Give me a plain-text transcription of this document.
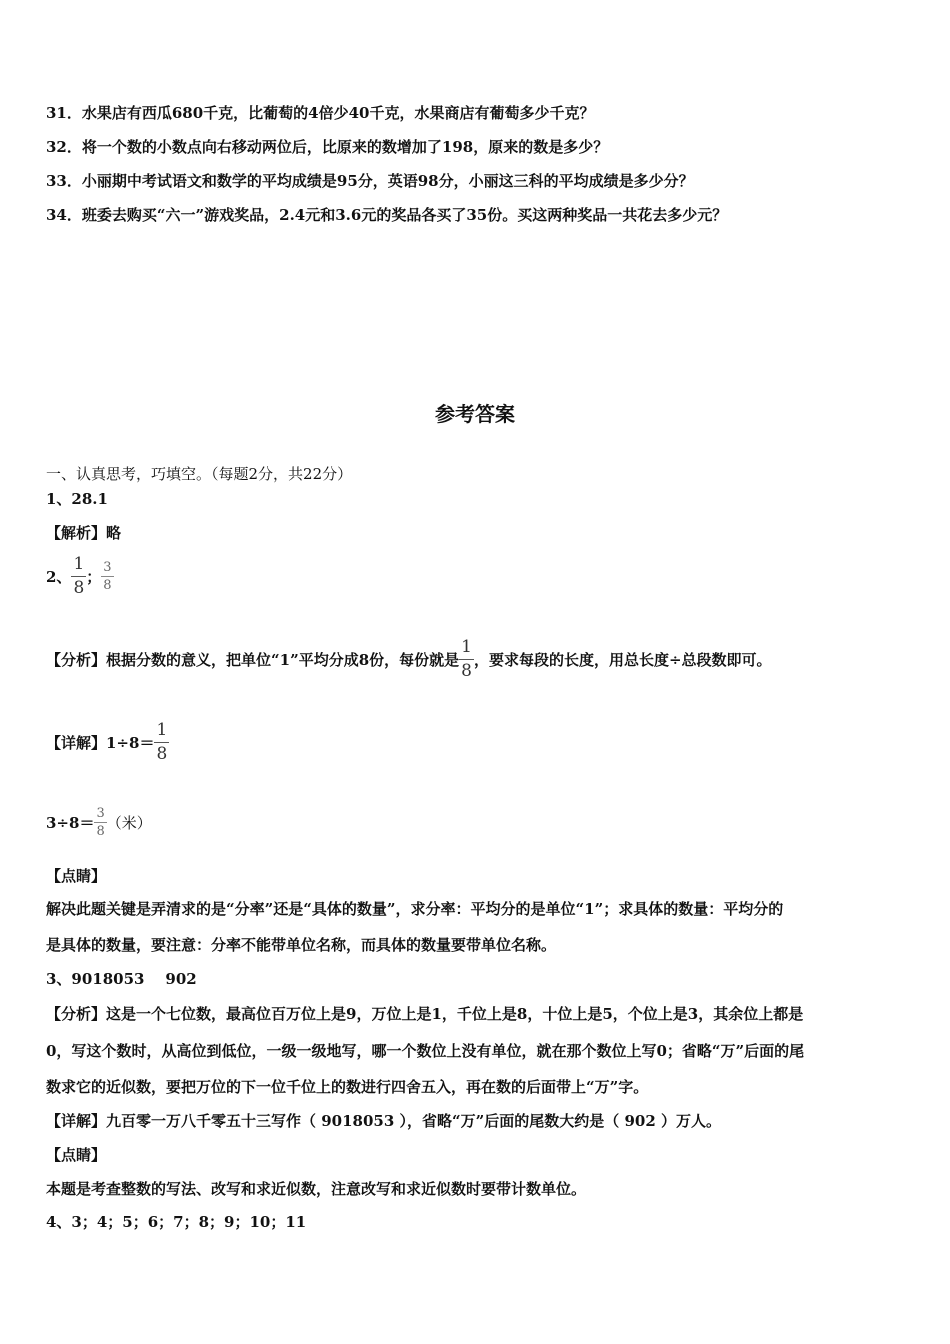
31．水果店有西瓜680千克，比葡萄的4倍少40千克，水果商店有葡萄多少千克？
32．将一个数的小数点向右移动两位后，比原来的数增加了198，原来的数是多少？
33．小丽期中考试语文和数学的平均成绩是95分，英语98分，小丽这三科的平均成绩是多少分？
34．班委去购买“六一”游戏奖品，2.4元和3.6元的奖品各买了35份。买这两种奖品一共花去多少元？
参考答案
一、认真思考，巧填空。（每题2分，共22分）
1、28.1
【解析】略
2、 $\frac{1}{8}$ ； $\frac{3}{8}$
【分析】根据分数的意义，把单位“1”平均分成8份，每份就是 $\frac{1}{8}$ ，要求每段的长度，用总长度÷总段数即可。
【详解】$1\div 8= \frac{1}{8}$
$3\div 8= \frac{3}{8}$ （米）
【点睛】
解决此题关键是弄清求的是“分率”还是“具体的数量”，求分率：平均分的是单位“1”；求具体的数量：平均分的
是具体的数量，要注意：分率不能带单位名称，而具体的数量要带单位名称。
3、9018053    902
【分析】这是一个七位数，最高位百万位上是9，万位上是1，千位上是8，十位上是5，个位上是3，其余位上都是
0，写这个数时，从高位到低位，一级一级地写，哪一个数位上没有单位，就在那个数位上写0；省略“万”后面的尾
数求它的近似数，要把万位的下一位千位上的数进行四舍五入，再在数的后面带上“万”字。
【详解】九百零一万八千零五十三写作（ 9018053 ），省略“万”后面的尾数大约是（ 902 ）万人。
【点睛】
本题是考查整数的写法、改写和求近似数，注意改写和求近似数时要带计数单位。
4、3；4；5；6；7；8；9；10；11
